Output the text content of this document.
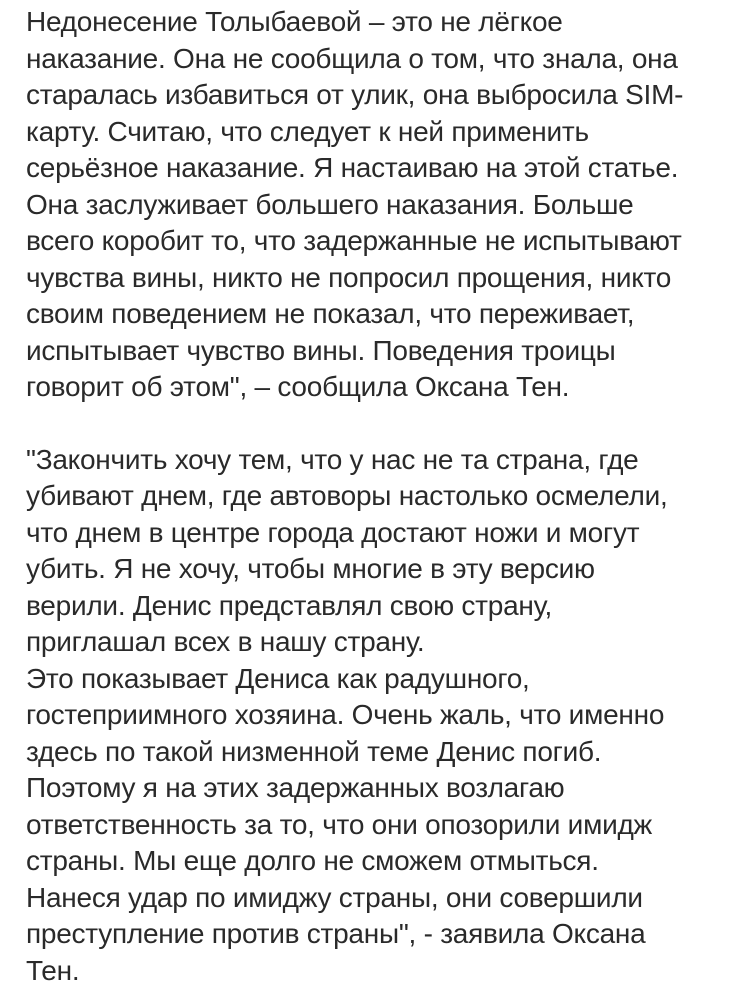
Недонесение Толыбаевой – это не лёгкое
наказание. Она не сообщила о том, что знала, она
старалась избавиться от улик, она выбросила SIM-
карту. Считаю, что следует к ней применить
серьёзное наказание. Я настаиваю на этой статье.
Она заслуживает большего наказания. Больше
всего коробит то, что задержанные не испытывают
чувства вины, никто не попросил прощения, никто
своим поведением не показал, что переживает,
испытывает чувство вины. Поведения троицы
говорит об этом", – сообщила Оксана Тен.

"Закончить хочу тем, что у нас не та страна, где
убивают днем, где автоворы настолько осмелели,
что днем в центре города достают ножи и могут
убить. Я не хочу, чтобы многие в эту версию
верили. Денис представлял свою страну,
приглашал всех в нашу страну.
Это показывает Дениса как радушного,
гостеприимного хозяина. Очень жаль, что именно
здесь по такой низменной теме Денис погиб.
Поэтому я на этих задержанных возлагаю
ответственность за то, что они опозорили имидж
страны. Мы еще долго не сможем отмыться.
Нанеся удар по имиджу страны, они совершили
преступление против страны", - заявила Оксана
Тен.
